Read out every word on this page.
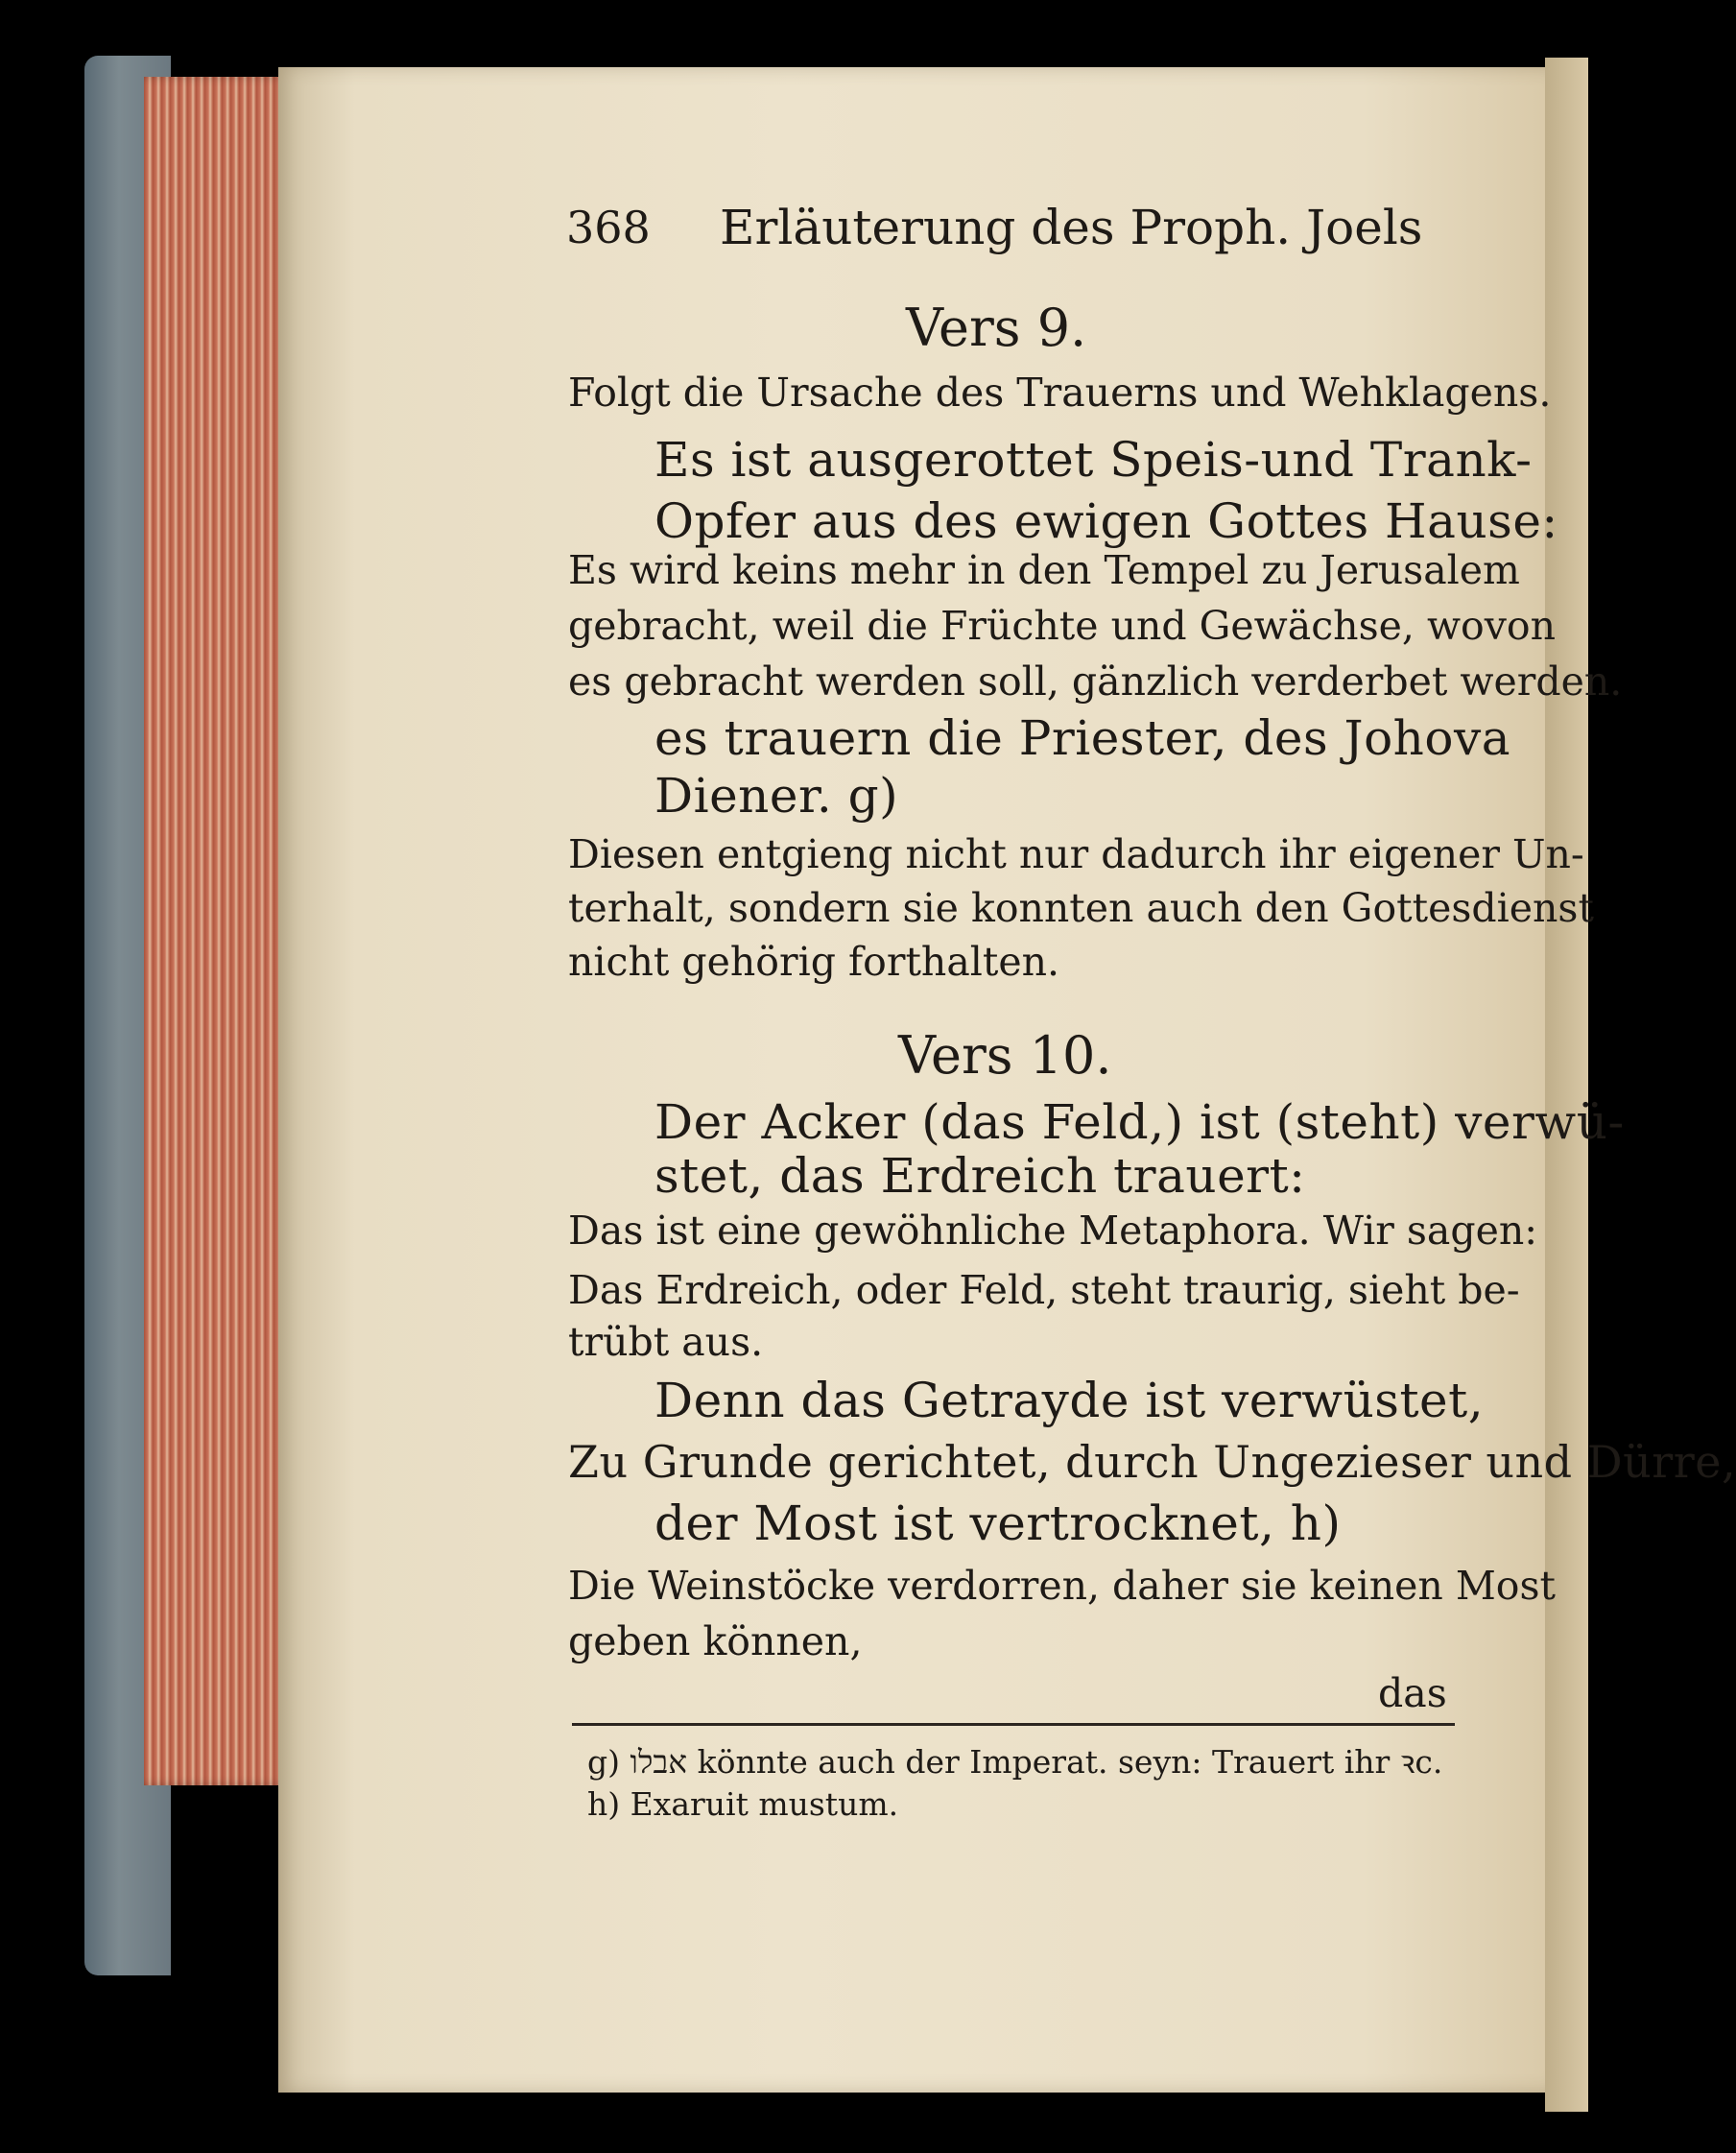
368 Erläuterung des Proph. Joels
Vers 9.
Folgt die Ursache des Trauerns und Wehklagens.
Es ist ausgerottet Speis-und Trank-
Opfer aus des ewigen Gottes Hause:
Es wird keins mehr in den Tempel zu Jerusalem
gebracht, weil die Früchte und Gewächse, wovon
es gebracht werden soll, gänzlich verderbet werden.
es trauern die Priester, des Johova
Diener. g)
Diesen entgieng nicht nur dadurch ihr eigener Un-
terhalt, sondern sie konnten auch den Gottesdienst
nicht gehörig forthalten.
Vers 10.
Der Acker (das Feld,) ist (steht) verwü-
stet, das Erdreich trauert:
Das ist eine gewöhnliche Metaphora. Wir sagen:
Das Erdreich, oder Feld, steht traurig, sieht be-
trübt aus.
Denn das Getrayde ist verwüstet,
Zu Grunde gerichtet, durch Ungezieser und Dürre,
der Most ist vertrocknet, h)
Die Weinstöcke verdorren, daher sie keinen Most
geben können,
das
g) אבלו könnte auch der Imperat. seyn: Trauert ihr ꝛc.
h) Exaruit mustum.
